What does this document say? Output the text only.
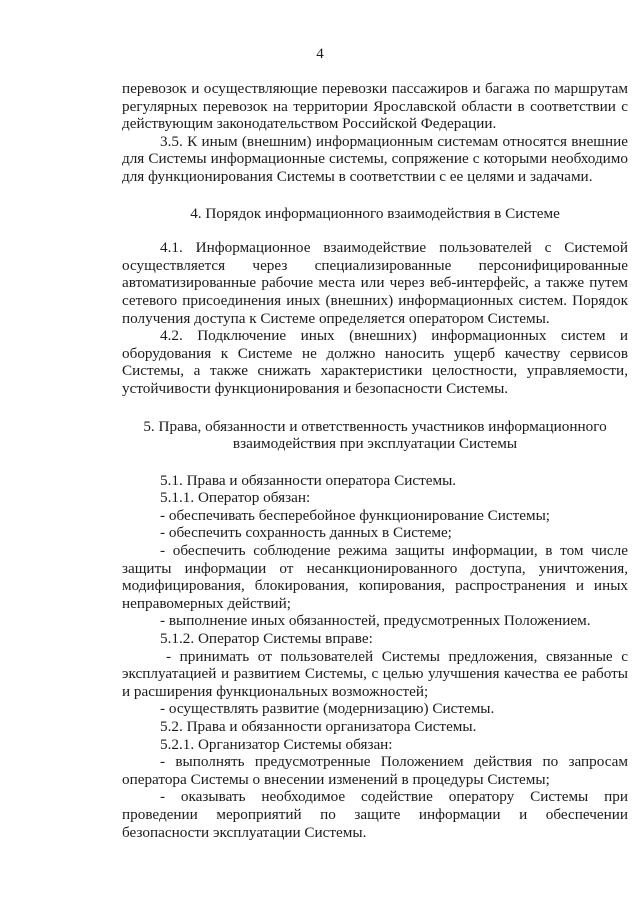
4

перевозок и осуществляющие перевозки пассажиров и багажа по маршрутам регулярных перевозок на территории Ярославской области в соответствии с действующим законодательством Российской Федерации.

3.5. К иным (внешним) информационным системам относятся внешние для Системы информационные системы, сопряжение с которыми необходимо для функционирования Системы в соответствии с ее целями и задачами.

4. Порядок информационного взаимодействия в Системе

4.1. Информационное взаимодействие пользователей с Системой осуществляется через специализированные персонифицированные автоматизированные рабочие места или через веб-интерфейс, а также путем сетевого присоединения иных (внешних) информационных систем. Порядок получения доступа к Системе определяется оператором Системы.

4.2. Подключение иных (внешних) информационных систем и оборудования к Системе не должно наносить ущерб качеству сервисов Системы, а также снижать характеристики целостности, управляемости, устойчивости функционирования и безопасности Системы.

5. Права, обязанности и ответственность участников информационного взаимодействия при эксплуатации Системы

5.1. Права и обязанности оператора Системы.

5.1.1. Оператор обязан:

- обеспечивать бесперебойное функционирование Системы;

- обеспечить сохранность данных в Системе;

- обеспечить соблюдение режима защиты информации, в том числе защиты информации от несанкционированного доступа, уничтожения, модифицирования, блокирования, копирования, распространения и иных неправомерных действий;

- выполнение иных обязанностей, предусмотренных Положением.

5.1.2. Оператор Системы вправе:

- принимать от пользователей Системы предложения, связанные с эксплуатацией и развитием Системы, с целью улучшения качества ее работы и расширения функциональных возможностей;

- осуществлять развитие (модернизацию) Системы.

5.2. Права и обязанности организатора Системы.

5.2.1. Организатор Системы обязан:

- выполнять предусмотренные Положением действия по запросам оператора Системы о внесении изменений в процедуры Системы;

- оказывать необходимое содействие оператору Системы при проведении мероприятий по защите информации и обеспечении безопасности эксплуатации Системы.
